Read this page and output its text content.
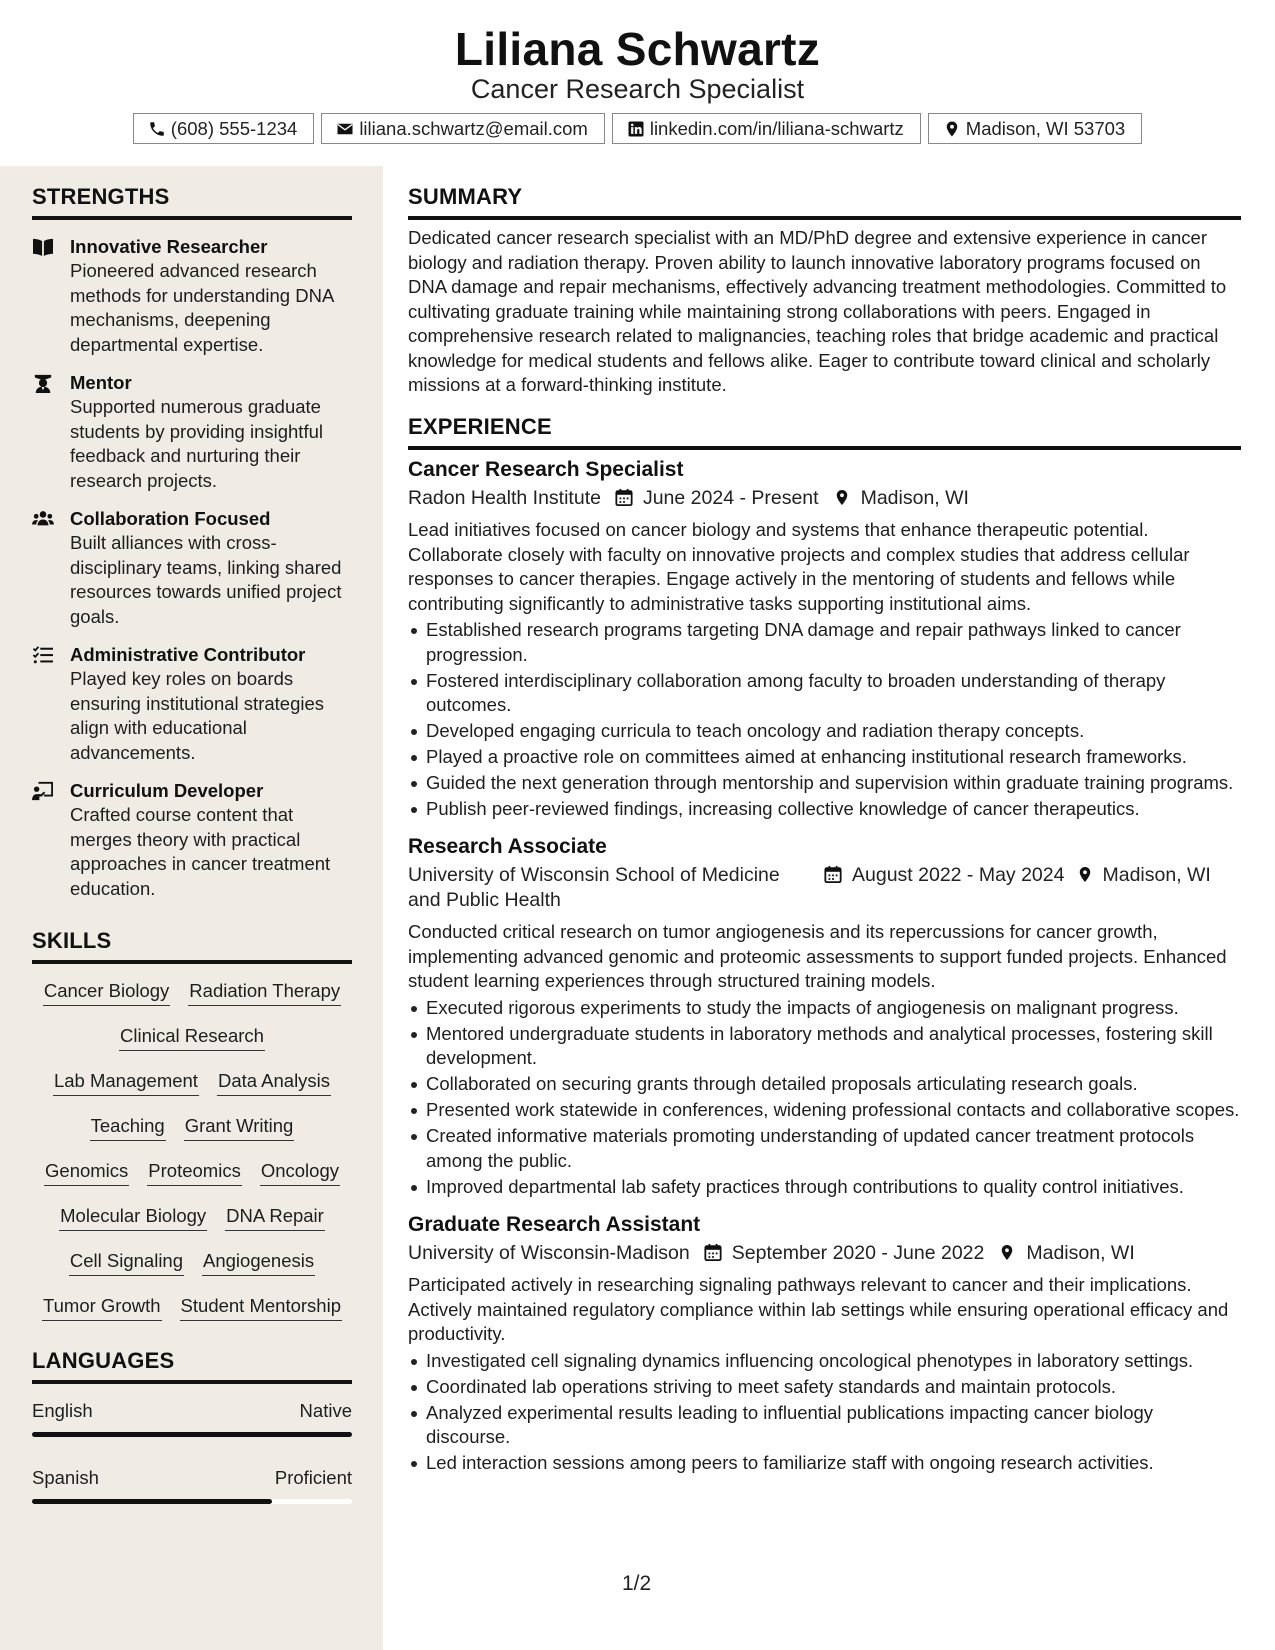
Liliana Schwartz
Cancer Research Specialist
(608) 555-1234	liliana.schwartz@email.com	linkedin.com/in/liliana-schwartz	Madison, WI 53703
STRENGTHS
Innovative Researcher
Pioneered advanced research methods for understanding DNA mechanisms, deepening departmental expertise.
Mentor
Supported numerous graduate students by providing insightful feedback and nurturing their research projects.
Collaboration Focused
Built alliances with cross-disciplinary teams, linking shared resources towards unified project goals.
Administrative Contributor
Played key roles on boards ensuring institutional strategies align with educational advancements.
Curriculum Developer
Crafted course content that merges theory with practical approaches in cancer treatment education.
SKILLS
Cancer Biology Radiation Therapy
Clinical Research
Lab Management Data Analysis
Teaching Grant Writing
Genomics Proteomics Oncology
Molecular Biology DNA Repair
Cell Signaling Angiogenesis
Tumor Growth Student Mentorship
LANGUAGES
English	Native
Spanish	Proficient
SUMMARY
Dedicated cancer research specialist with an MD/PhD degree and extensive experience in cancer biology and radiation therapy. Proven ability to launch innovative laboratory programs focused on DNA damage and repair mechanisms, effectively advancing treatment methodologies. Committed to cultivating graduate training while maintaining strong collaborations with peers. Engaged in comprehensive research related to malignancies, teaching roles that bridge academic and practical knowledge for medical students and fellows alike. Eager to contribute toward clinical and scholarly missions at a forward-thinking institute.
EXPERIENCE
Cancer Research Specialist
Radon Health Institute June 2024 - Present Madison, WI
Lead initiatives focused on cancer biology and systems that enhance therapeutic potential. Collaborate closely with faculty on innovative projects and complex studies that address cellular responses to cancer therapies. Engage actively in the mentoring of students and fellows while contributing significantly to administrative tasks supporting institutional aims.
Established research programs targeting DNA damage and repair pathways linked to cancer progression.
Fostered interdisciplinary collaboration among faculty to broaden understanding of therapy outcomes.
Developed engaging curricula to teach oncology and radiation therapy concepts.
Played a proactive role on committees aimed at enhancing institutional research frameworks.
Guided the next generation through mentorship and supervision within graduate training programs.
Publish peer-reviewed findings, increasing collective knowledge of cancer therapeutics.
Research Associate
University of Wisconsin School of Medicine and Public Health
August 2022 - May 2024 Madison, WI
Conducted critical research on tumor angiogenesis and its repercussions for cancer growth, implementing advanced genomic and proteomic assessments to support funded projects. Enhanced student learning experiences through structured training models.
Executed rigorous experiments to study the impacts of angiogenesis on malignant progress.
Mentored undergraduate students in laboratory methods and analytical processes, fostering skill development.
Collaborated on securing grants through detailed proposals articulating research goals.
Presented work statewide in conferences, widening professional contacts and collaborative scopes.
Created informative materials promoting understanding of updated cancer treatment protocols among the public.
Improved departmental lab safety practices through contributions to quality control initiatives.
Graduate Research Assistant
University of Wisconsin-Madison September 2020 - June 2022 Madison, WI
Participated actively in researching signaling pathways relevant to cancer and their implications. Actively maintained regulatory compliance within lab settings while ensuring operational efficacy and productivity.
Investigated cell signaling dynamics influencing oncological phenotypes in laboratory settings.
Coordinated lab operations striving to meet safety standards and maintain protocols.
Analyzed experimental results leading to influential publications impacting cancer biology discourse.
Led interaction sessions among peers to familiarize staff with ongoing research activities.
1/2
